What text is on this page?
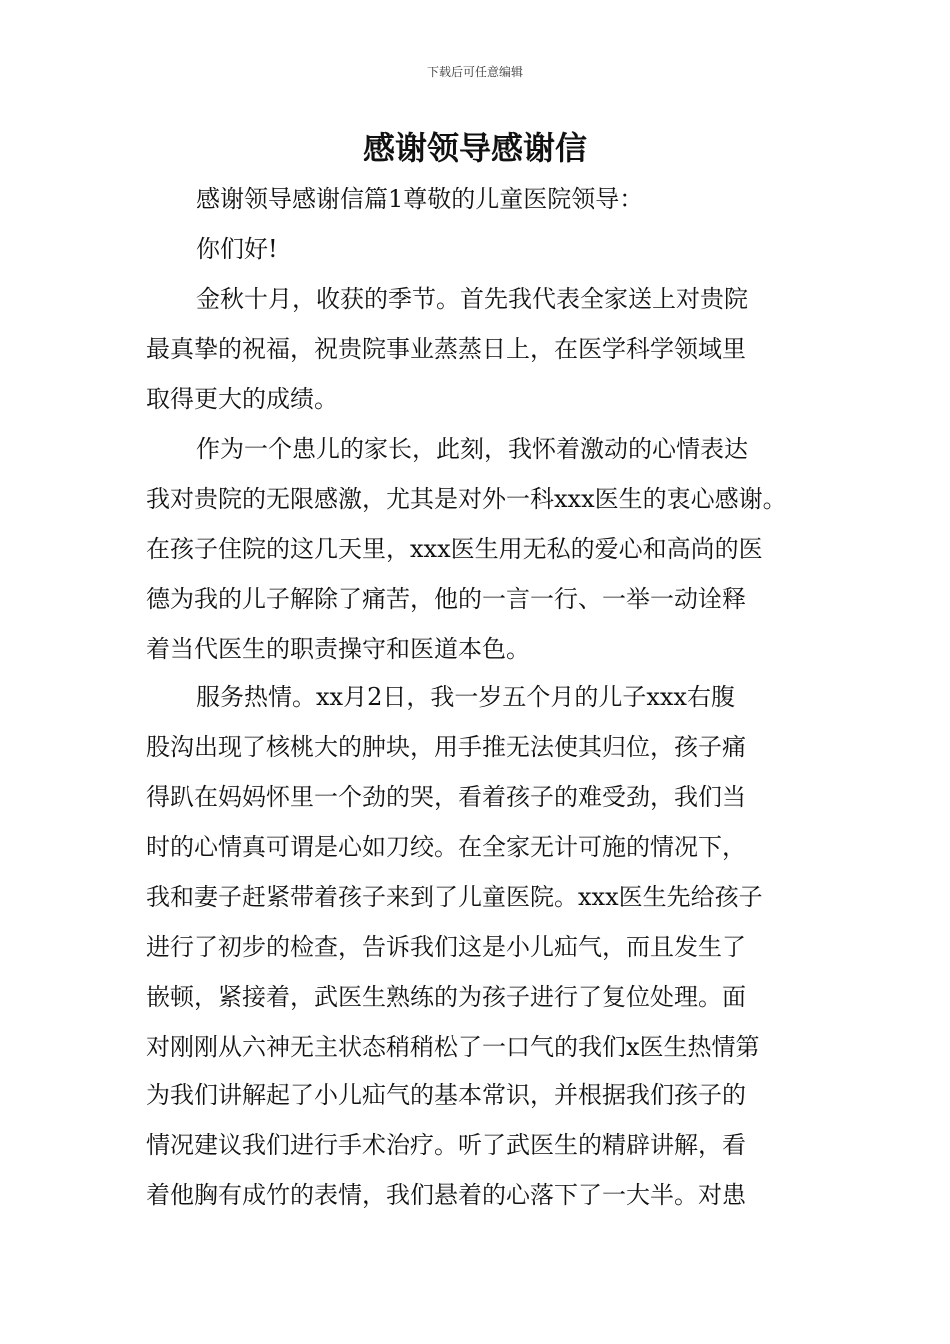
下载后可任意编辑
感谢领导感谢信
感谢领导感谢信篇1尊敬的儿童医院领导：
你们好!
金秋十月，收获的季节。首先我代表全家送上对贵院
最真挚的祝福，祝贵院事业蒸蒸日上，在医学科学领域里
取得更大的成绩。
作为一个患儿的家长，此刻，我怀着激动的心情表达
我对贵院的无限感激，尤其是对外一科xxx医生的衷心感谢。
在孩子住院的这几天里，xxx医生用无私的爱心和高尚的医
德为我的儿子解除了痛苦，他的一言一行、一举一动诠释
着当代医生的职责操守和医道本色。
服务热情。xx月2日，我一岁五个月的儿子xxx右腹
股沟出现了核桃大的肿块，用手推无法使其归位，孩子痛
得趴在妈妈怀里一个劲的哭，看着孩子的难受劲，我们当
时的心情真可谓是心如刀绞。在全家无计可施的情况下，
我和妻子赶紧带着孩子来到了儿童医院。xxx医生先给孩子
进行了初步的检查，告诉我们这是小儿疝气，而且发生了
嵌顿，紧接着，武医生熟练的为孩子进行了复位处理。面
对刚刚从六神无主状态稍稍松了一口气的我们x医生热情第
为我们讲解起了小儿疝气的基本常识，并根据我们孩子的
情况建议我们进行手术治疗。听了武医生的精辟讲解，看
着他胸有成竹的表情，我们悬着的心落下了一大半。对患
